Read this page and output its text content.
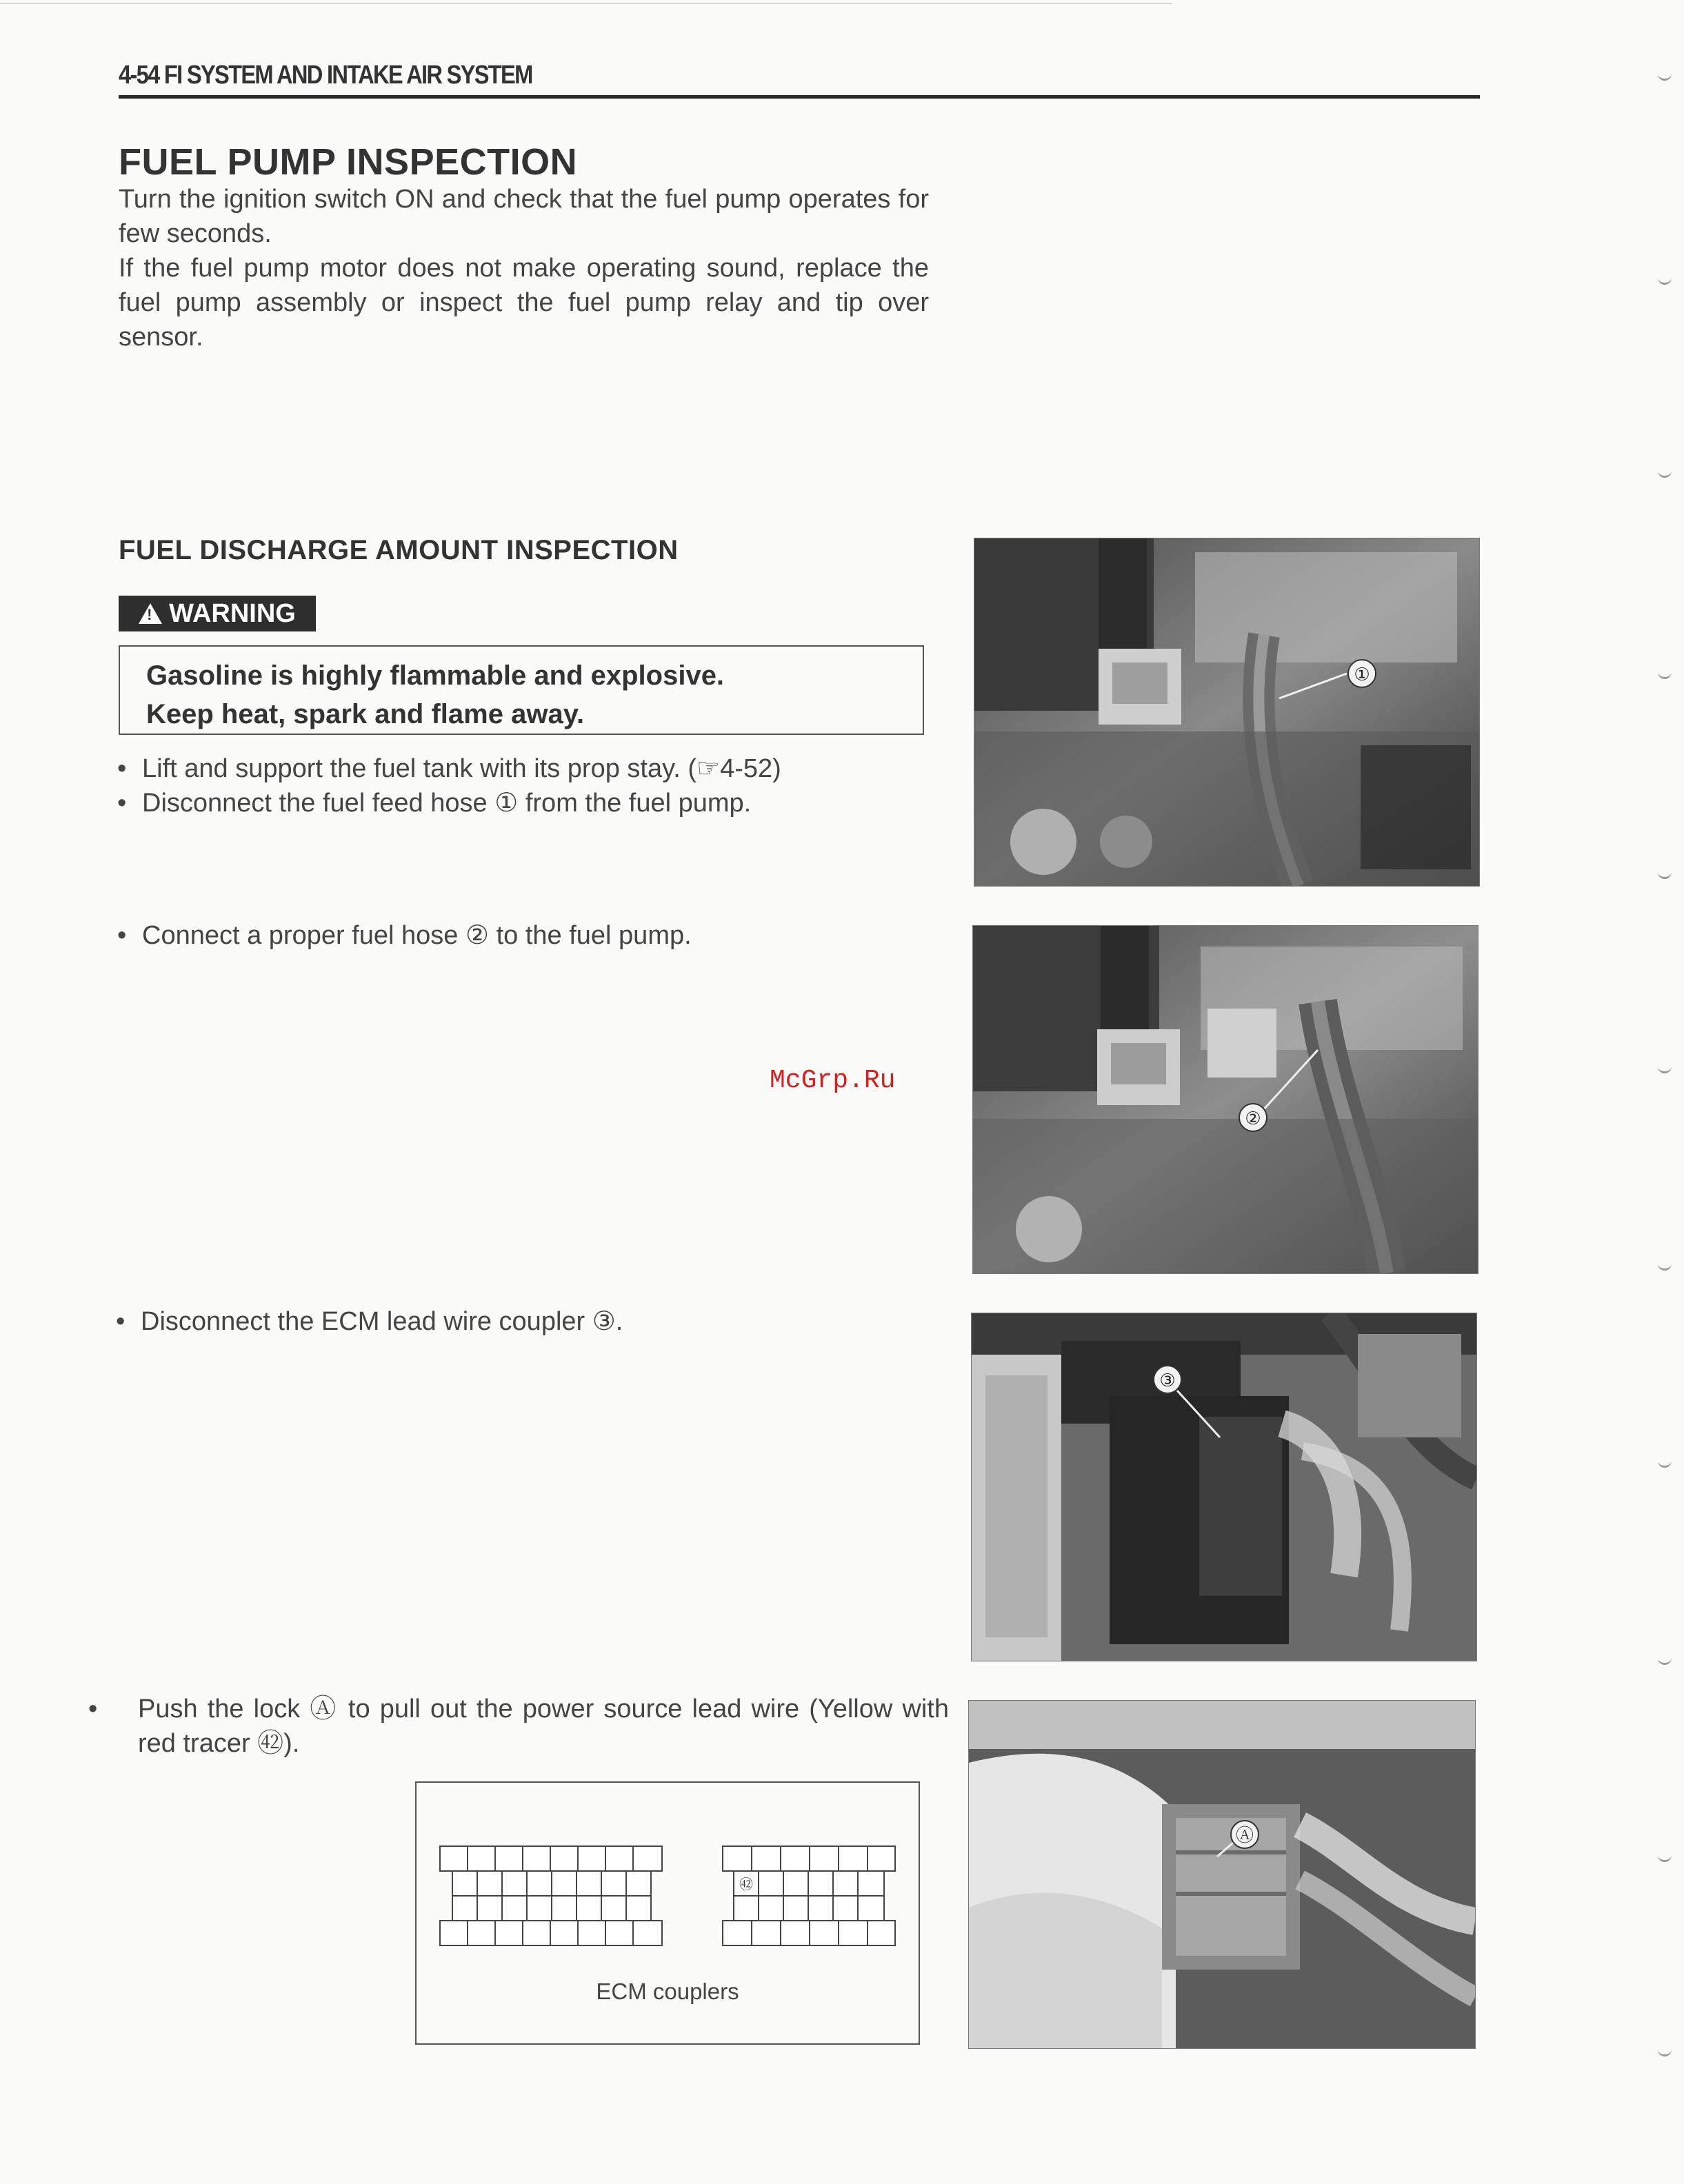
4-54 FI SYSTEM AND INTAKE AIR SYSTEM
FUEL PUMP INSPECTION
Turn the ignition switch ON and check that the fuel pump operates for few seconds.
If the fuel pump motor does not make operating sound, replace the fuel pump assembly or inspect the fuel pump relay and tip over sensor.
FUEL DISCHARGE AMOUNT INSPECTION
!
WARNING
Gasoline is highly flammable and explosive.
Keep heat, spark and flame away.
• Lift and support the fuel tank with its prop stay. (☞4-52)
• Disconnect the fuel feed hose ① from the fuel pump.
• Connect a proper fuel hose ② to the fuel pump.
• Disconnect the ECM lead wire coupler ③.
• Push the lock Ⓐ to pull out the power source lead wire (Yellow with red tracer ㊷).
McGrp.Ru
①
②
③
Ⓐ
㊷
ECM couplers
